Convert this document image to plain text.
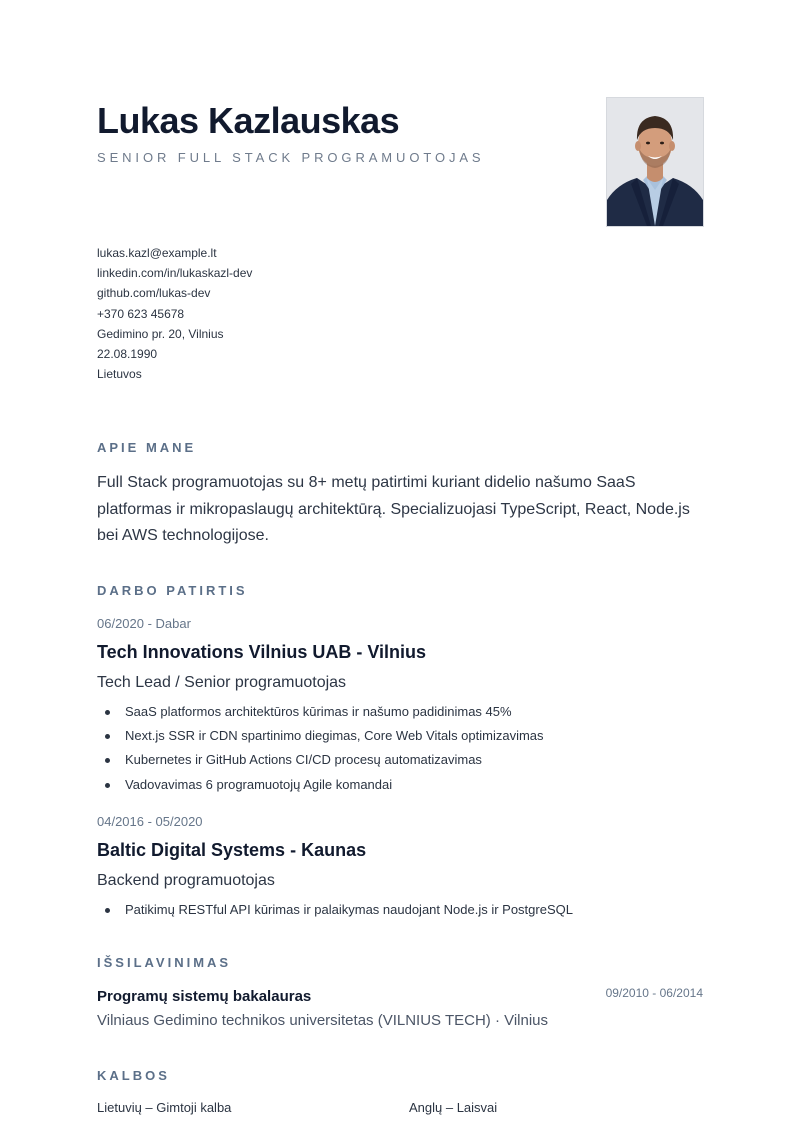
Lukas Kazlauskas
SENIOR FULL STACK PROGRAMUOTOJAS
lukas.kazl@example.lt
linkedin.com/in/lukaskazl-dev
github.com/lukas-dev
+370 623 45678
Gedimino pr. 20, Vilnius
22.08.1990
Lietuvos
APIE MANE
Full Stack programuotojas su 8+ metų patirtimi kuriant didelio našumo SaaS platformas ir mikropaslaugų architektūrą. Specializuojasi TypeScript, React, Node.js bei AWS technologijose.
DARBO PATIRTIS
06/2020 - Dabar
Tech Innovations Vilnius UAB - Vilnius
Tech Lead / Senior programuotojas
SaaS platformos architektūros kūrimas ir našumo padidinimas 45%
Next.js SSR ir CDN spartinimo diegimas, Core Web Vitals optimizavimas
Kubernetes ir GitHub Actions CI/CD procesų automatizavimas
Vadovavimas 6 programuotojų Agile komandai
04/2016 - 05/2020
Baltic Digital Systems - Kaunas
Backend programuotojas
Patikimų RESTful API kūrimas ir palaikymas naudojant Node.js ir PostgreSQL
IŠSILAVINIMAS
Programų sistemų bakalauras	09/2010 - 06/2014
Vilniaus Gedimino technikos universitetas (VILNIUS TECH) · Vilnius
KALBOS
Lietuvių – Gimtoji kalba	Anglų – Laisvai
